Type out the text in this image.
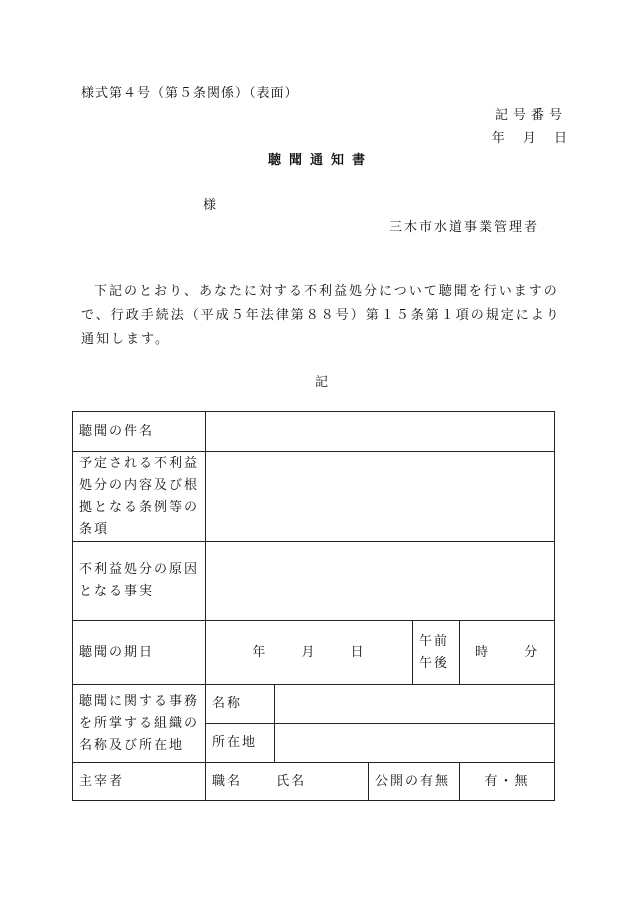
様式第４号（第５条関係）（表面）
記号番号
年 月 日
聴聞通知書
様
三木市水道事業管理者
下記のとおり、あなたに対する不利益処分について聴聞を行いますので、行政手続法（平成５年法律第８８号）第１５条第１項の規定により通知します。
記
聴聞の件名					
予定される不利益処分の内容及び根拠となる条例等の条項					
不利益処分の原因となる事実					
聴聞の期日	年 月 日			午前午後	時 分
聴聞に関する事務を所掌する組織の名称及び所在地	名称				
	所在地				
主宰者	職名 氏名		公開の有無		有・無
